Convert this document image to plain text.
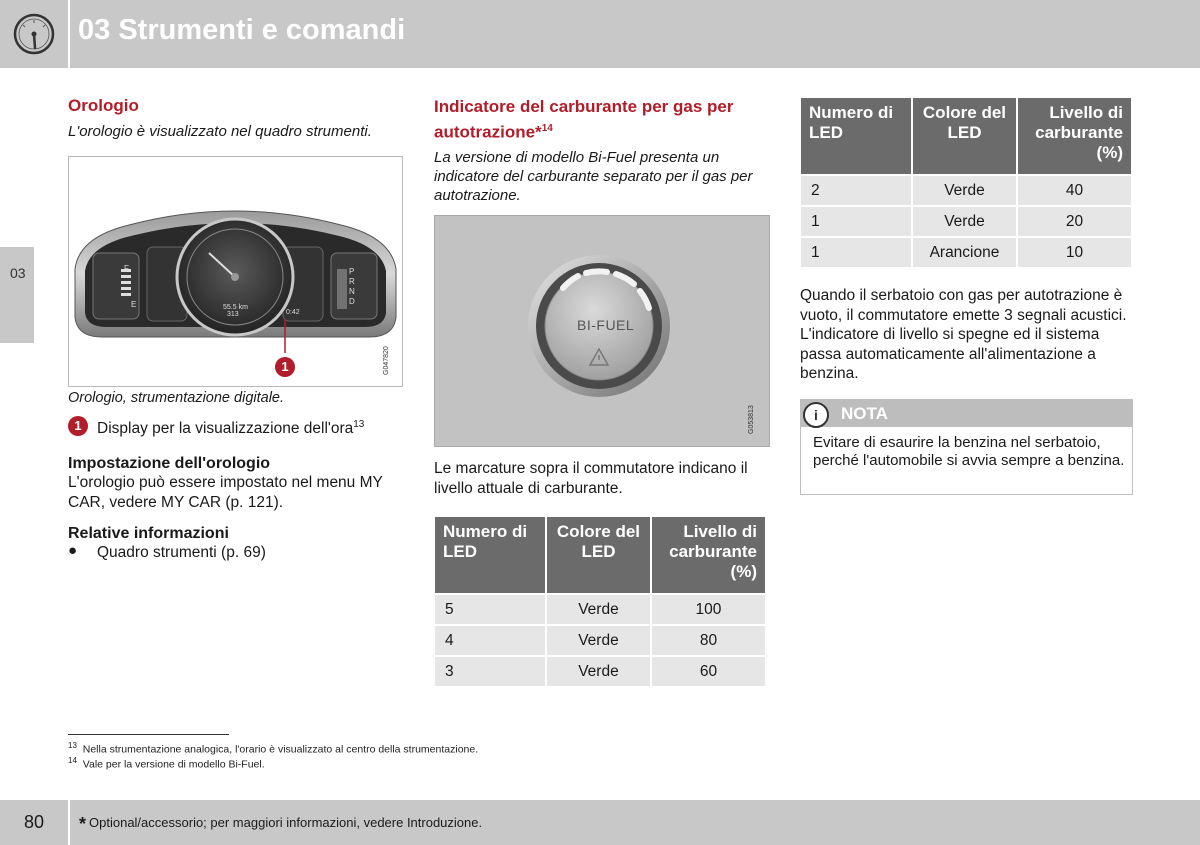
03 Strumenti e comandi
03

Orologio

L'orologio è visualizzato nel quadro strumenti.

F
E
P
R
N
D
313
55.5 km
0:42
1	G047820

Orologio, strumentazione digitale.

1 Display per la visualizzazione dell'ora$^{13}$

Impostazione dell'orologio

L'orologio può essere impostato nel menu MY CAR, vedere MY CAR (p. 121).

Relative informazioni

● Quadro strumenti (p. 69)

Indicatore del carburante per gas per autotrazione*$^{14}$

La versione di modello Bi-Fuel presenta un indicatore del carburante separato per il gas per autotrazione.

BI-FUEL
G053813

Le marcature sopra il commutatore indicano il livello attuale di carburante.

Numero di LED	Colore del LED	Livello di carburante (%)
5	Verde	100
4	Verde	80
3	Verde	60
Numero di LED	Colore del LED	Livello di carburante (%)
2	Verde	40
1	Verde	20
1	Arancione	10

Quando il serbatoio con gas per autotrazione è vuoto, il commutatore emette 3 segnali acustici. L'indicatore di livello si spegne ed il sistema passa automaticamente all'alimentazione a benzina.

i	NOTA
Evitare di esaurire la benzina nel serbatoio, perché l'automobile si avvia sempre a benzina.
$^{13}$ Nella strumentazione analogica, l'orario è visualizzato al centro della strumentazione.
$^{14}$ Vale per la versione di modello Bi-Fuel.
80 * Optional/accessorio; per maggiori informazioni, vedere Introduzione.
